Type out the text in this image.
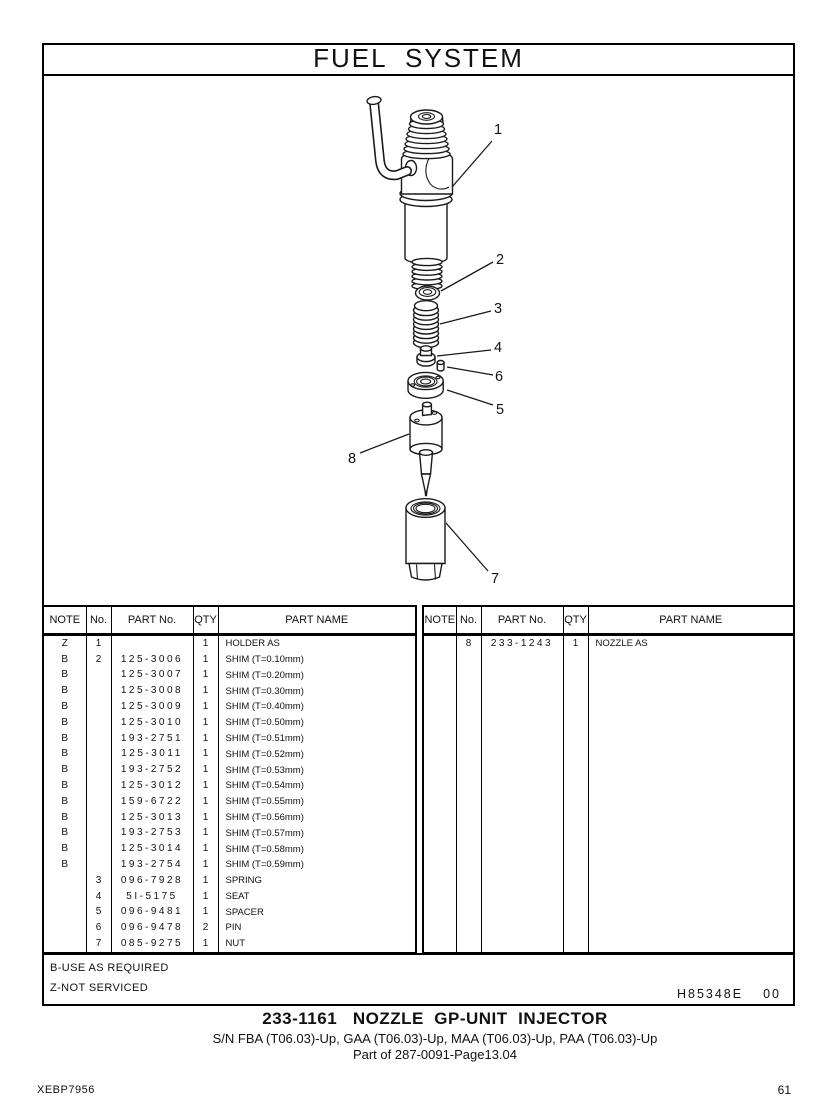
FUEL  SYSTEM
1
2
3
4
6
5
8
7
NOTE	No.	PART No.	QTY	PART NAME
Z	1		1	HOLDER AS
B	2	125-3006	1	SHIM (T=0.10mm)
B		125-3007	1	SHIM (T=0.20mm)
B		125-3008	1	SHIM (T=0.30mm)
B		125-3009	1	SHIM (T=0.40mm)
B		125-3010	1	SHIM (T=0.50mm)
B		193-2751	1	SHIM (T=0.51mm)
B		125-3011	1	SHIM (T=0.52mm)
B		193-2752	1	SHIM (T=0.53mm)
B		125-3012	1	SHIM (T=0.54mm)
B		159-6722	1	SHIM (T=0.55mm)
B		125-3013	1	SHIM (T=0.56mm)
B		193-2753	1	SHIM (T=0.57mm)
B		125-3014	1	SHIM (T=0.58mm)
B		193-2754	1	SHIM (T=0.59mm)
	3	096-7928	1	SPRING
	4	5I-5175	1	SEAT
	5	096-9481	1	SPACER
	6	096-9478	2	PIN
	7	085-9275	1	NUT
NOTE	No.	PART No.	QTY	PART NAME
	8	233-1243	1	NOZZLE AS

B-USE AS REQUIRED
Z-NOT SERVICED	H85348E 00
233-1161   NOZZLE  GP-UNIT  INJECTOR
S/N FBA (T06.03)-Up, GAA (T06.03)-Up, MAA (T06.03)-Up, PAA (T06.03)-Up
Part of 287-0091-Page13.04
XEBP7956	61
